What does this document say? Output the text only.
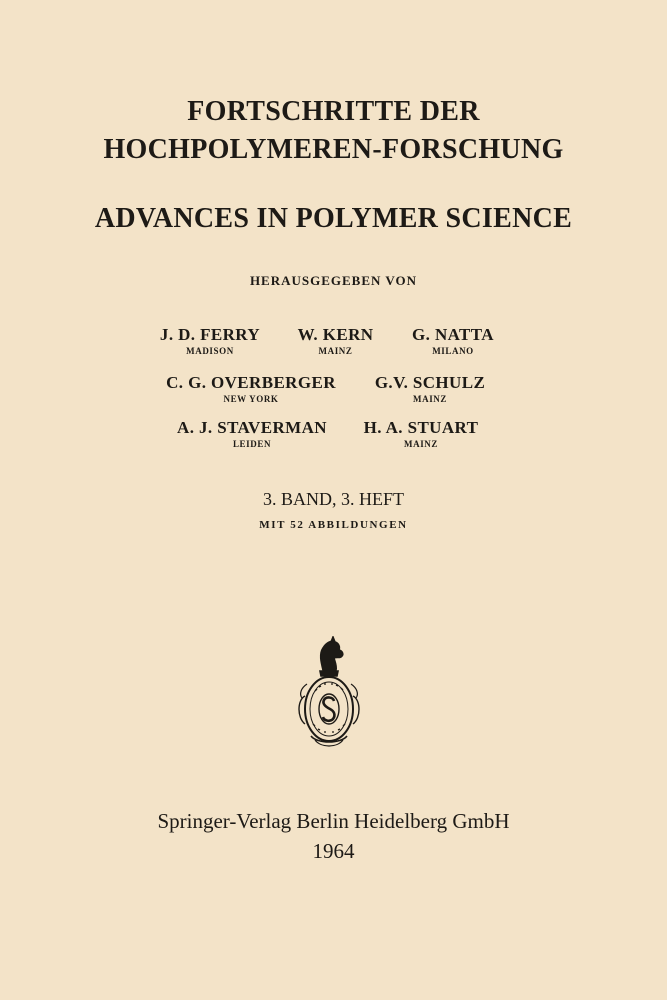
FORTSCHRITTE DER
HOCHPOLYMEREN-FORSCHUNG
ADVANCES IN POLYMER SCIENCE
HERAUSGEGEBEN VON
J. D. FERRY
MADISON
W. KERN
MAINZ
G. NATTA
MILANO
C. G. OVERBERGER
NEW YORK
G.V. SCHULZ
MAINZ
A. J. STAVERMAN
LEIDEN
H. A. STUART
MAINZ
3. BAND, 3. HEFT
MIT 52 ABBILDUNGEN
Springer-Verlag Berlin Heidelberg GmbH
1964
